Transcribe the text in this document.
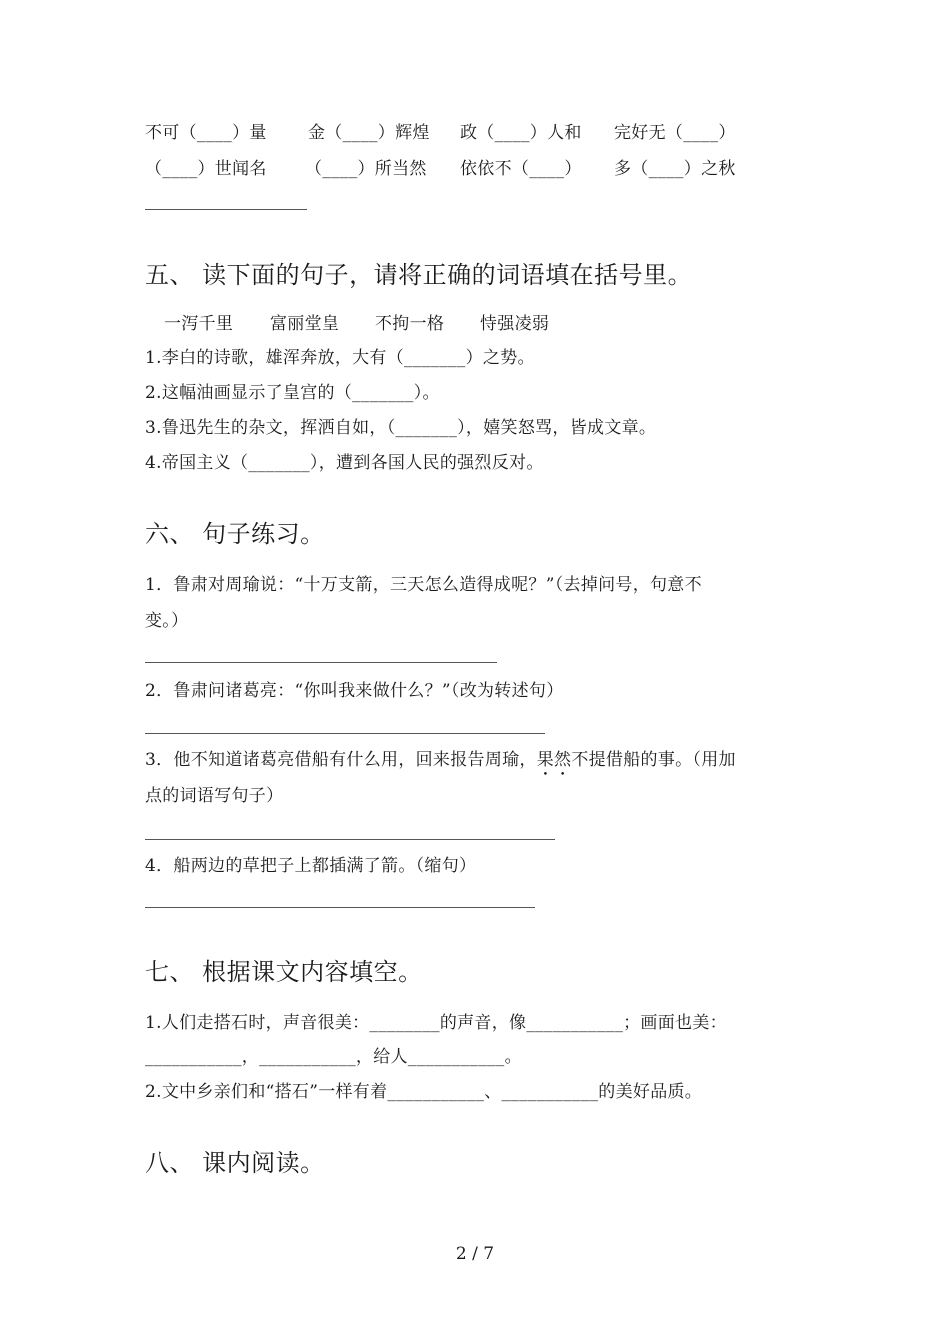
不可（____）量 金（____）辉煌 政（____）人和 完好无（____）
（____）世闻名 （____）所当然 依依不（____） 多（____）之秋
五、 读下面的句子，请将正确的词语填在括号里。
一泻千里 富丽堂皇 不拘一格 恃强凌弱
1.李白的诗歌，雄浑奔放，大有（_______）之势。
2.这幅油画显示了皇宫的（_______）。
3.鲁迅先生的杂文，挥洒自如，（_______），嬉笑怒骂，皆成文章。
4.帝国主义（_______），遭到各国人民的强烈反对。
六、 句子练习。
1．鲁肃对周瑜说：“十万支箭，三天怎么造得成呢？”（去掉问号，句意不
变。）
2．鲁肃问诸葛亮：“你叫我来做什么？”（改为转述句）
3．他不知道诸葛亮借船有什么用，回来报告周瑜，果然不提借船的事。（用加
点的词语写句子）
4．船两边的草把子上都插满了箭。（缩句）
七、 根据课文内容填空。
1.人们走搭石时，声音很美：________的声音，像___________；画面也美：
___________，___________，给人___________。
2.文中乡亲们和“搭石”一样有着___________、___________的美好品质。
八、 课内阅读。
2 / 7
